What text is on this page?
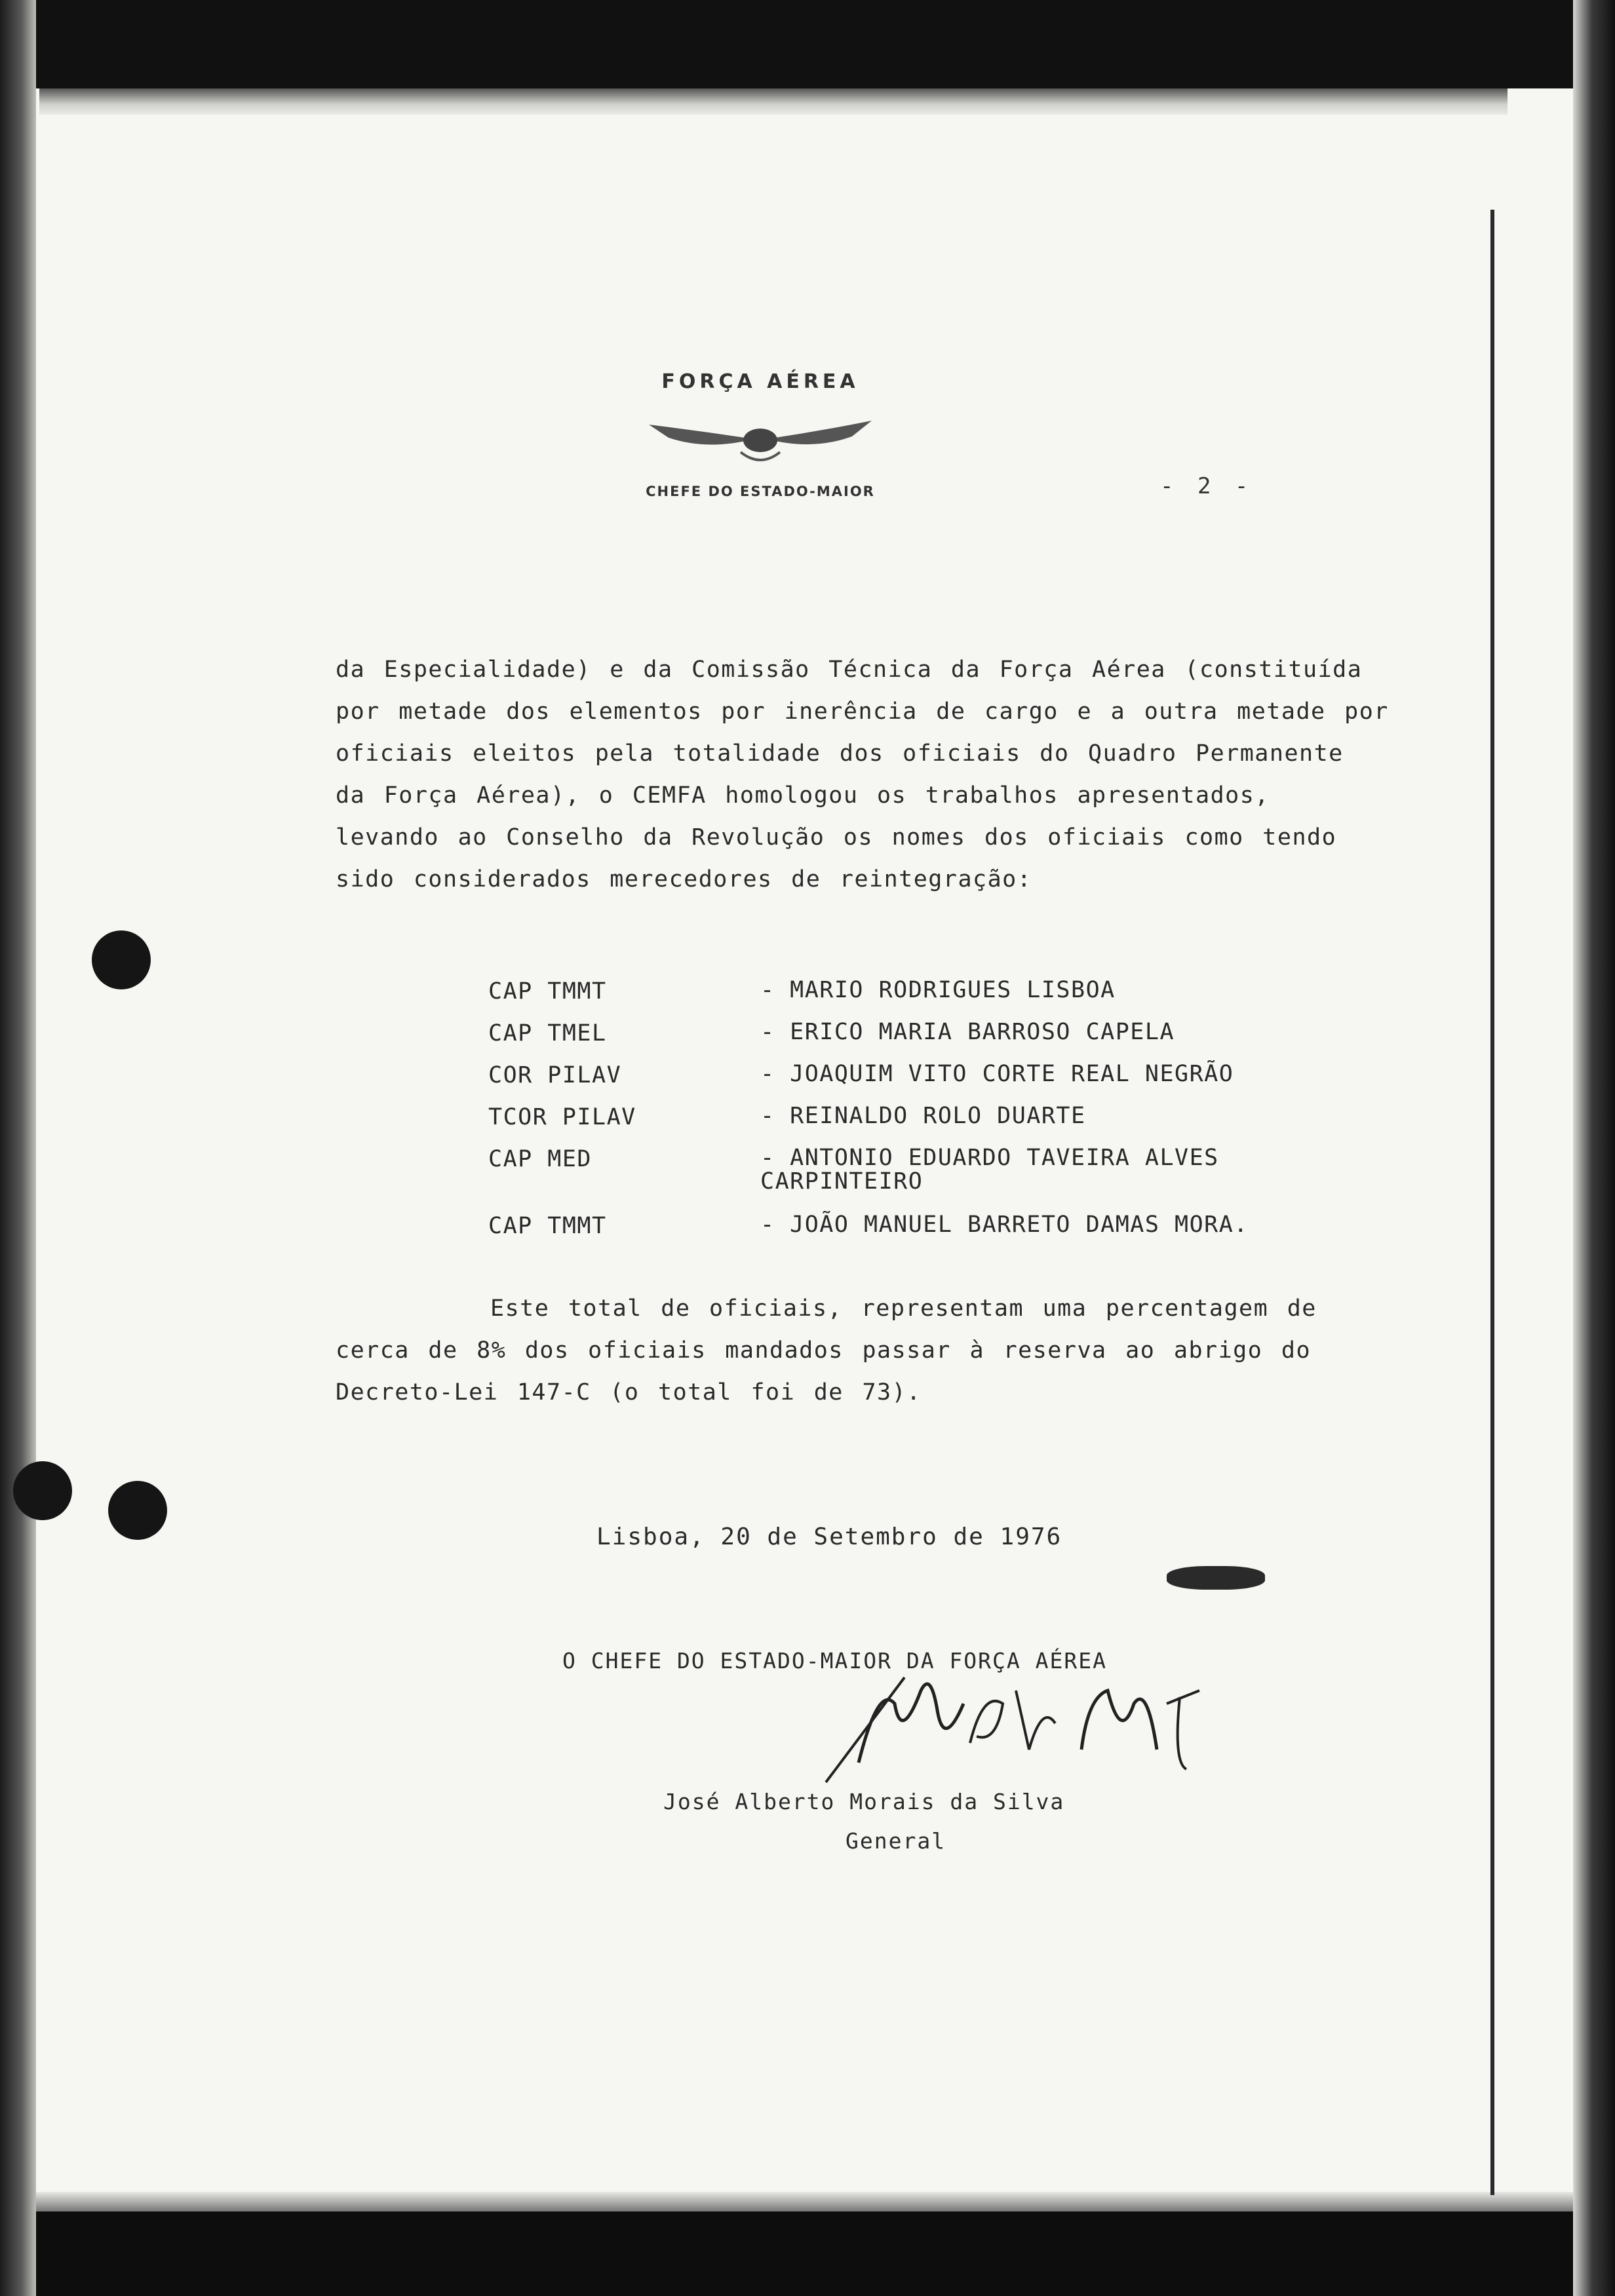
FORÇA AÉREA
CHEFE DO ESTADO-MAIOR	- 2 -

da Especialidade) e da Comissão Técnica da Força Aérea (constituída por metade dos elementos por inerência de cargo e a outra metade por oficiais eleitos pela totalidade dos oficiais do Quadro Permanente da Força Aérea), o CEMFA homologou os trabalhos apresentados, levando ao Conselho da Revolução os nomes dos oficiais como tendo sido considerados merecedores de reintegração:

CAP TMMT	- MARIO RODRIGUES LISBOA
CAP TMEL	- ERICO MARIA BARROSO CAPELA
COR PILAV	- JOAQUIM VITO CORTE REAL NEGRÃO
TCOR PILAV	- REINALDO ROLO DUARTE
CAP MED	- ANTONIO EDUARDO TAVEIRA ALVES CARPINTEIRO
CAP TMMT	- JOÃO MANUEL BARRETO DAMAS MORA.

Este total de oficiais, representam uma percentagem de cerca de 8% dos oficiais mandados passar à reserva ao abrigo do Decreto-Lei 147-C (o total foi de 73).

Lisboa, 20 de Setembro de 1976
O CHEFE DO ESTADO-MAIOR DA FORÇA AÉREA
José Alberto Morais da Silva
General
